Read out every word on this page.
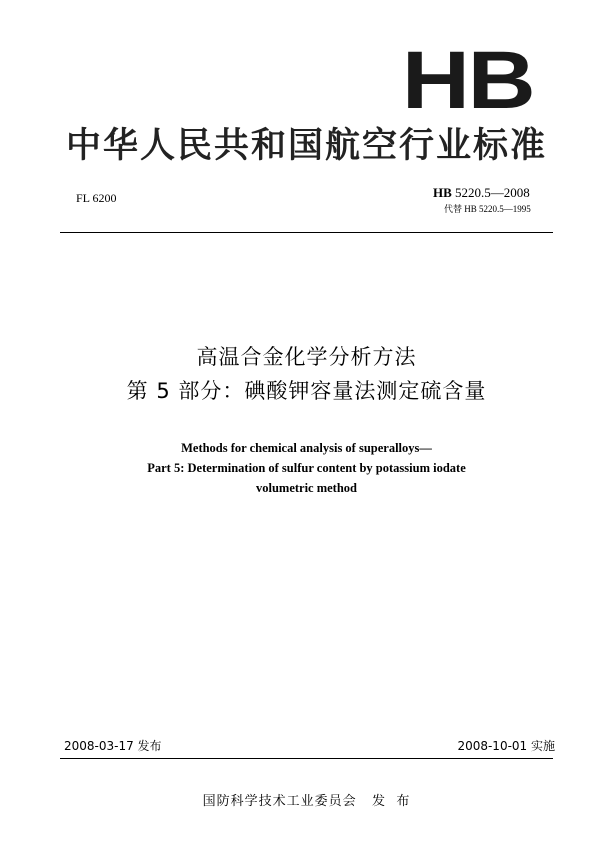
HB
中华人民共和国航空行业标准
FL 6200	HB 5220.5—2008
代替 HB 5220.5—1995
高温合金化学分析方法
第 5 部分：碘酸钾容量法测定硫含量
Methods for chemical analysis of superalloys—
Part 5: Determination of sulfur content by potassium iodate
volumetric method
2008-03-17 发布	2008-10-01 实施
国防科学技术工业委员会   发  布
